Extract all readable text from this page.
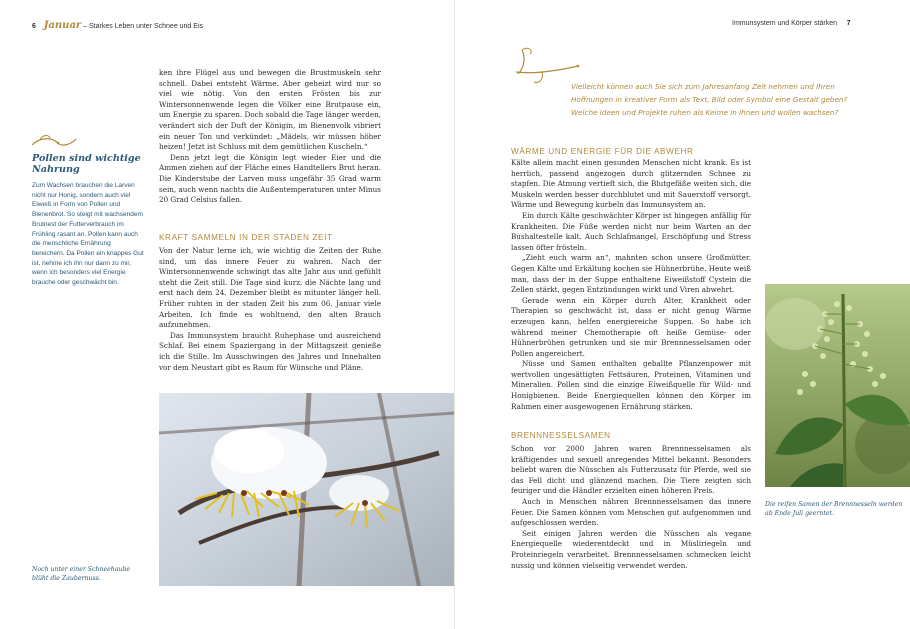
6 Januar – Starkes Leben unter Schnee und Eis
Pollen sind wichtige Nahrung
Zum Wachsen brauchen die Larven nicht nur Honig, sondern auch viel Eiweiß in Form von Pollen und Bienenbrot. So steigt mit wachsendem Brutnest der Futterverbrauch im Frühling rasant an. Pollen kann auch die menschliche Ernährung bereichern. Da Pollen ein knappes Gut ist, nehme ich ihn nur dann zu mir, wenn ich besonders viel Energie brauche oder geschwächt bin.

ken ihre Flügel aus und bewegen die Brustmuskeln sehr schnell. Dabei entsteht Wärme. Aber geheizt wird nur so viel wie nötig. Von den ersten Frösten bis zur Wintersonnenwende legen die Völker eine Brutpause ein, um Energie zu sparen. Doch sobald die Tage länger werden, verändert sich der Duft der Königin, im Bienenvolk vibriert ein neuer Ton und verkündet: „Mädels, wir müssen höher heizen! Jetzt ist Schluss mit dem gemütlichen Kuscheln.“

Denn jetzt legt die Königin legt wieder Eier und die Ammen ziehen auf der Fläche eines Handtellers Brut heran. Die Kinderstube der Larven muss ungefähr 35 Grad warm sein, auch wenn nachts die Außentemperaturen unter Minus 20 Grad Celsius fallen.

KRAFT SAMMELN IN DER STADEN ZEIT

Von der Natur lerne ich, wie wichtig die Zeiten der Ruhe sind, um das innere Feuer zu wahren. Nach der Wintersonnenwende schwingt das alte Jahr aus und gefühlt steht die Zeit still. Die Tage sind kurz, die Nächte lang und erst nach dem 24. Dezember bleibt es mitunter länger hell. Früher ruhten in der staden Zeit bis zum 06. Januar viele Arbeiten. Ich finde es wohltuend, den alten Brauch aufzunehmen.

Das Immunsystem braucht Ruhephase und ausreichend Schlaf. Bei einem Spaziergang in der Mittagszeit genieße ich die Stille. Im Ausschwingen des Jahres und Innehalten vor dem Neustart gibt es Raum für Wünsche und Pläne.

Noch unter einer Schneehaube blüht die Zaubernuss.
Immunsystem und Körper stärken 7
Vielleicht können auch Sie sich zum Jahresanfang Zeit nehmen und Ihren Hoffnungen in kreativer Form als Text, Bild oder Symbol eine Gestalt geben? Welche Ideen und Projekte ruhen als Keime in Ihnen und wollen wachsen?
WÄRME UND ENERGIE FÜR DIE ABWEHR

Kälte allein macht einen gesunden Menschen nicht krank. Es ist herrlich, passend angezogen durch glitzernden Schnee zu stapfen. Die Atmung vertieft sich, die Blutgefäße weiten sich, die Muskeln werden besser durchblutet und mit Sauerstoff versorgt. Wärme und Bewegung kurbeln das Immunsystem an.

Ein durch Kälte geschwächter Körper ist hingegen anfällig für Krankheiten. Die Füße werden nicht nur beim Warten an der Bushaltestelle kalt. Auch Schlafmangel, Erschöpfung und Stress lassen öfter frösteln.

„Zieht euch warm an“, mahnten schon unsere Großmütter. Gegen Kälte und Erkältung kochen sie Hühnerbrühe. Heute weiß man, dass der in der Suppe enthaltene Eiweißstoff Cystein die Zellen stärkt, gegen Entzündungen wirkt und Viren abwehrt.

Gerade wenn ein Körper durch Alter, Krankheit oder Therapien so geschwächt ist, dass er nicht genug Wärme erzeugen kann, helfen energiereiche Suppen. So habe ich während meiner Chemotherapie oft heiße Gemüse- oder Hühnerbrühen getrunken und sie mir Brennnesselsamen oder Pollen angereichert.

Nüsse und Samen enthalten geballte Pflanzenpower mit wertvollen ungesättigten Fettsäuren, Proteinen, Vitaminen und Mineralien. Pollen sind die einzige Eiweißquelle für Wild- und Honigbienen. Beide Energiequellen können den Körper im Rahmen einer ausgewogenen Ernährung stärken.

BRENNNESSELSAMEN

Schon vor 2000 Jahren waren Brennnesselsamen als kräftigendes und sexuell anregendes Mittel bekannt. Besonders beliebt waren die Nüsschen als Futterzusatz für Pferde, weil sie das Fell dicht und glänzend machen. Die Tiere zeigten sich feuriger und die Händler erzielten einen höheren Preis.

Auch in Menschen nähren Brennnesselsamen das innere Feuer. Die Samen können vom Menschen gut aufgenommen und aufgeschlossen werden.

Seit einigen Jahren werden die Nüsschen als vegane Energiequelle wiederentdeckt und in Müsliriegeln und Proteinriegeln verarbeitet. Brennnesselsamen schmecken leicht nussig und können vielseitig verwendet werden.

Die reifen Samen der Brennnesseln werden ab Ende Juli geerntet.
